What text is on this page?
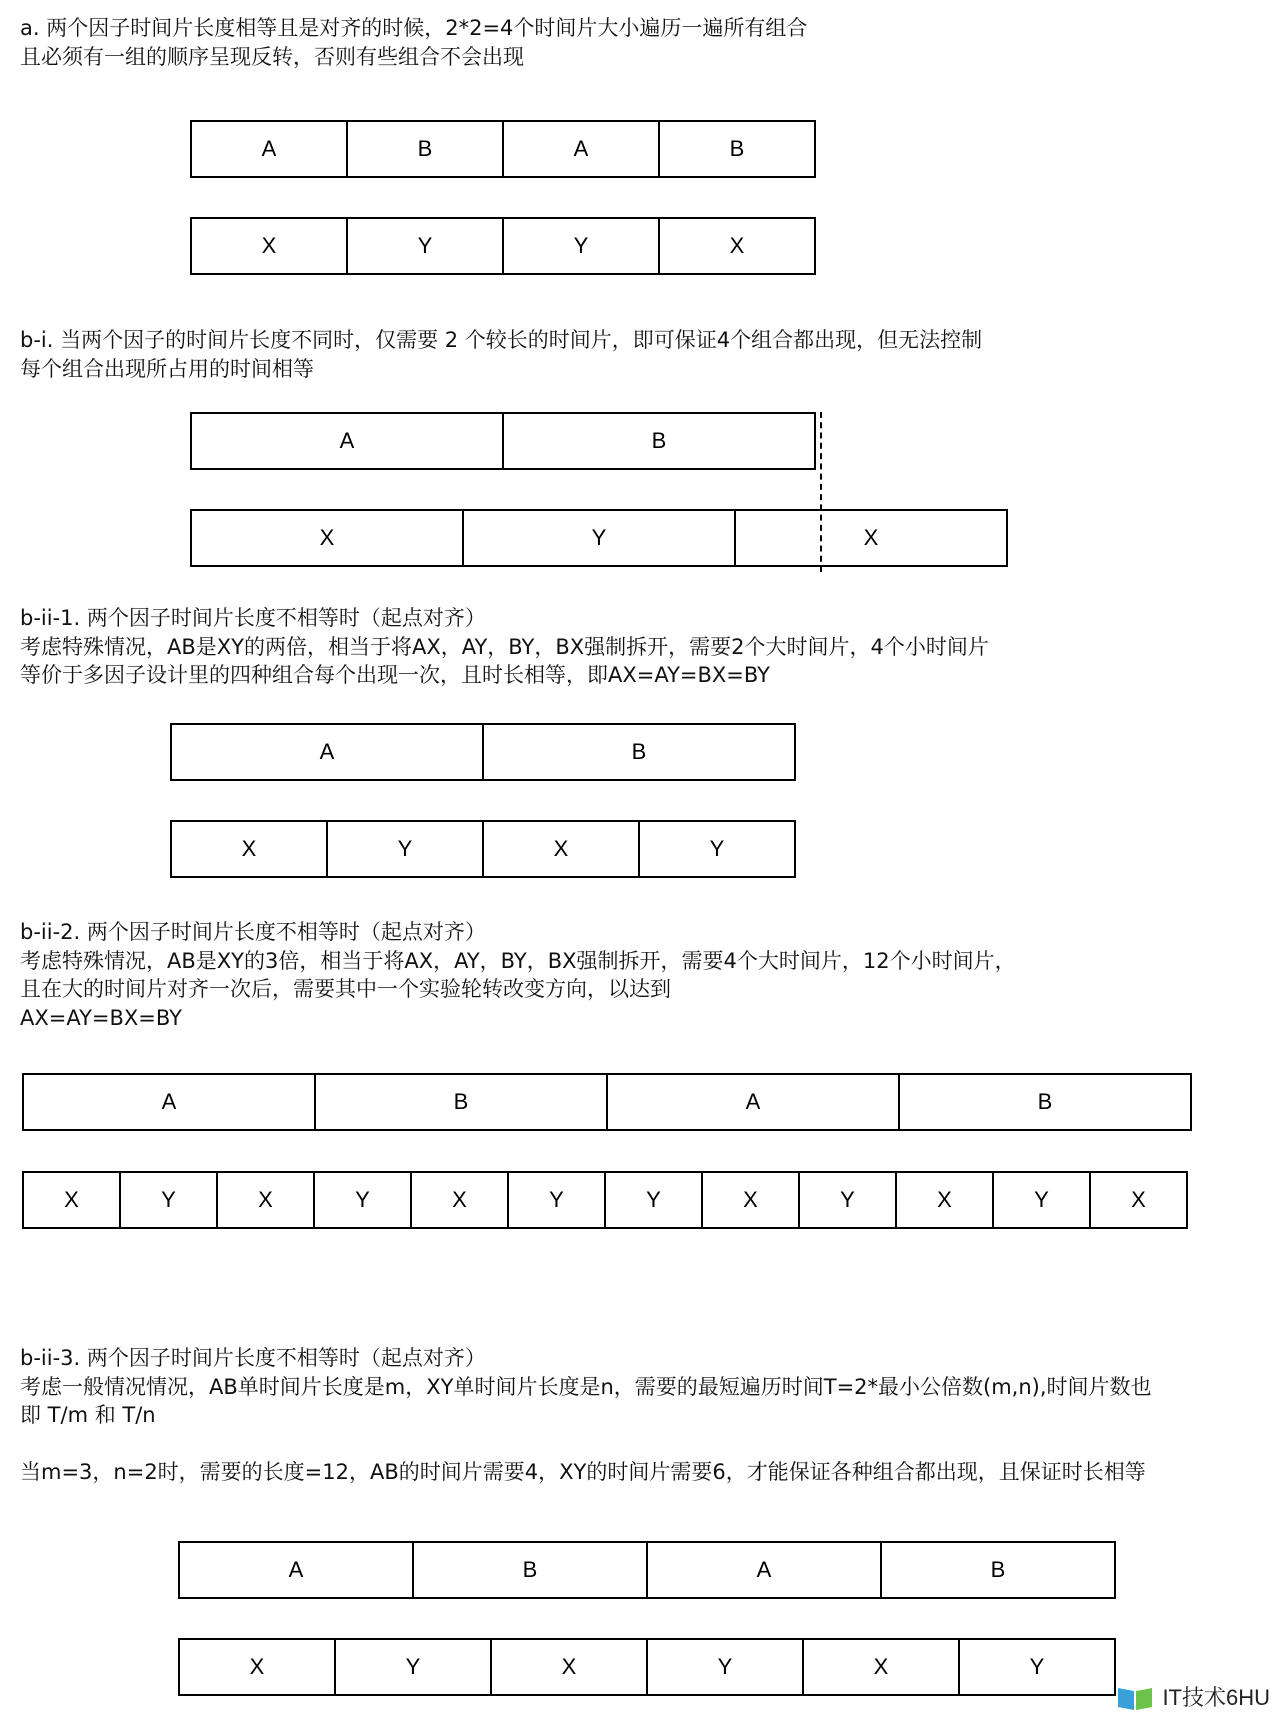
a. 两个因子时间片长度相等且是对齐的时候，2*2=4个时间片大小遍历一遍所有组合
且必须有一组的顺序呈现反转，否则有些组合不会出现
A	B	A	B
X	Y	Y	X
b-i. 当两个因子的时间片长度不同时，仅需要 2 个较长的时间片，即可保证4个组合都出现，但无法控制
每个组合出现所占用的时间相等
A	B
X	Y	X
b-ii-1. 两个因子时间片长度不相等时（起点对齐）
考虑特殊情况，AB是XY的两倍，相当于将AX，AY，BY，BX强制拆开，需要2个大时间片，4个小时间片
等价于多因子设计里的四种组合每个出现一次，且时长相等，即AX=AY=BX=BY
A	B
X	Y	X	Y
b-ii-2. 两个因子时间片长度不相等时（起点对齐）
考虑特殊情况，AB是XY的3倍，相当于将AX，AY，BY，BX强制拆开，需要4个大时间片，12个小时间片，
且在大的时间片对齐一次后，需要其中一个实验轮转改变方向，以达到
AX=AY=BX=BY
A	B	A	B
X	Y	X	Y	X	Y	Y	X	Y	X	Y	X
b-ii-3. 两个因子时间片长度不相等时（起点对齐）
考虑一般情况情况，AB单时间片长度是m，XY单时间片长度是n，需要的最短遍历时间T=2*最小公倍数(m,n),时间片数也
即 T/m 和 T/n
当m=3，n=2时，需要的长度=12，AB的时间片需要4，XY的时间片需要6，才能保证各种组合都出现，且保证时长相等
A	B	A	B
X	Y	X	Y	X	Y
IT技术6HU
